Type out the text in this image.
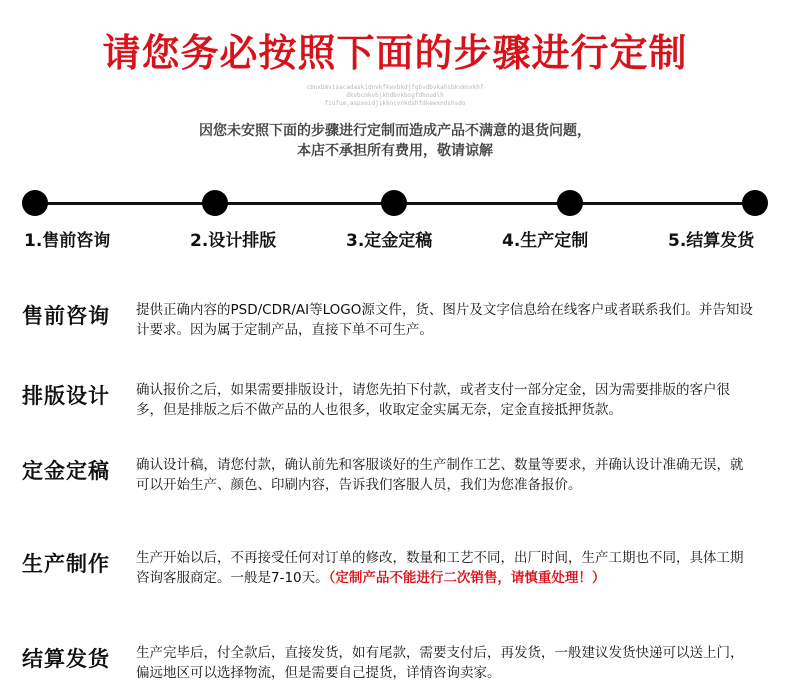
请您务必按照下面的步骤进行定制
cbnxbmvisacadaskidnvkfkwvbkdjfgbvdbvkahsbkvmnvkhf
dkvbcmkvbjkhdbvkbsgfdhoudlh
fiufue,aspxeidjikkncvnkdshfdkewxndshsdo
因您未安照下面的步骤进行定制而造成产品不满意的退货问题，
本店不承担所有费用，敬请谅解
1.售前咨询	2.设计排版	3.定金定稿	4.生产定制	5.结算发货
售前咨询 提供正确内容的PSD/CDR/AI等LOGO源文件，货、图片及文字信息给在线客户或者联系我们。并告知设计要求。因为属于定制产品，直接下单不可生产。
排版设计 确认报价之后，如果需要排版设计，请您先拍下付款，或者支付一部分定金，因为需要排版的客户很多，但是排版之后不做产品的人也很多，收取定金实属无奈，定金直接抵押货款。
定金定稿 确认设计稿，请您付款，确认前先和客服谈好的生产制作工艺、数量等要求，并确认设计准确无误，就可以开始生产、颜色、印刷内容，告诉我们客服人员，我们为您准备报价。
生产制作 生产开始以后，不再接受任何对订单的修改，数量和工艺不同，出厂时间，生产工期也不同，具体工期咨询客服商定。一般是7-10天。（定制产品不能进行二次销售，请慎重处理！）
结算发货 生产完毕后，付全款后，直接发货，如有尾款，需要支付后，再发货，一般建议发货快递可以送上门，偏远地区可以选择物流，但是需要自己提货，详情咨询卖家。
